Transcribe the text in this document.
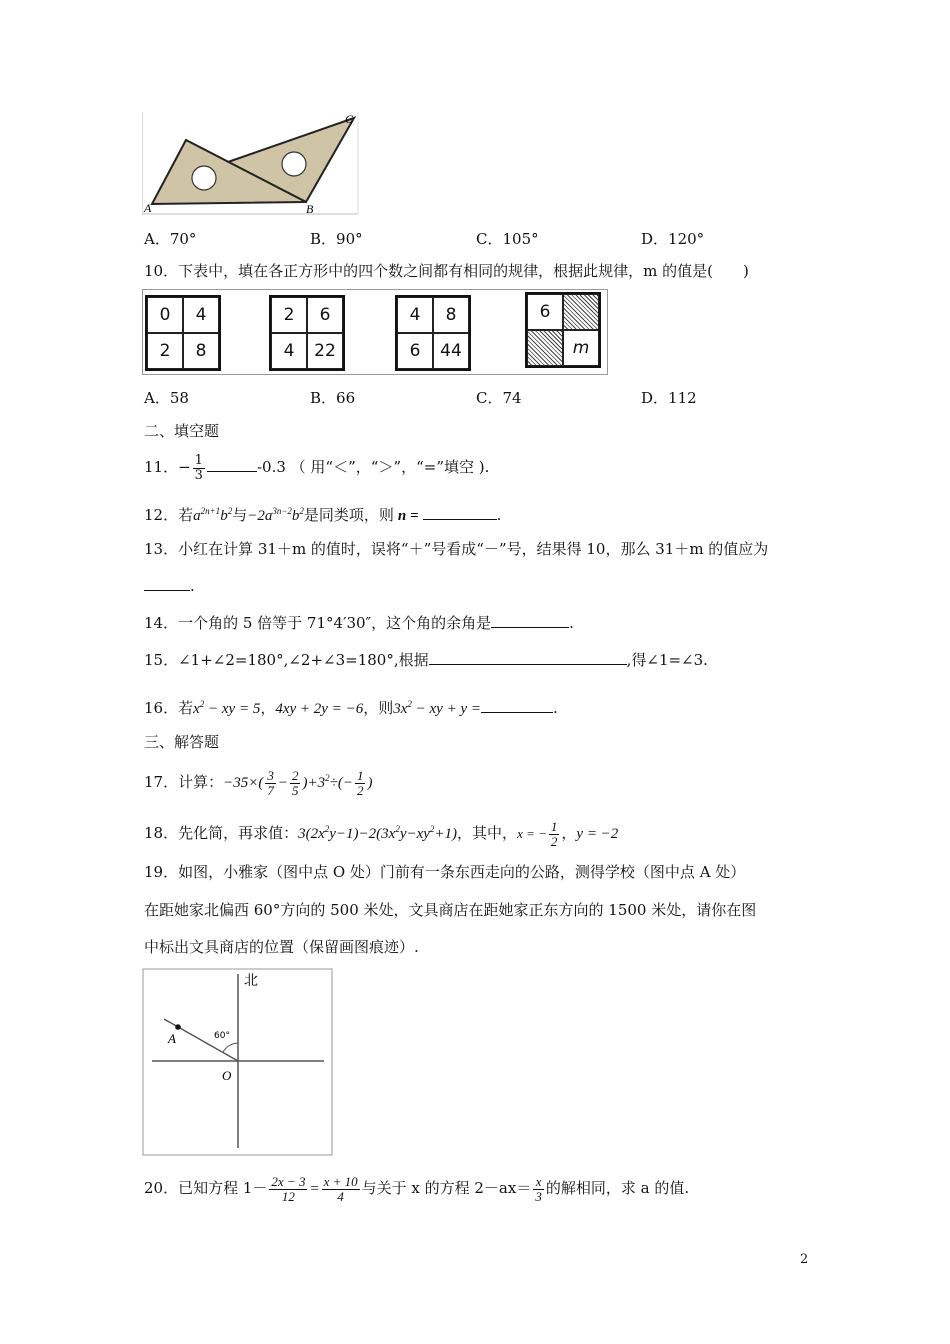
A	B
C
A．70°	B．90°	C．105°	D．120°
10．下表中，填在各正方形中的四个数之间都有相同的规律，根据此规律，m 的值是(　　)
0	4
2	8
2	6
4	22
4	8
6	44
6
m
A．58	B．66	C．74	D．112
二、填空题
11．− $\frac{1}{3}$	-0.3 （ 用“＜”，“＞”，“=”填空 ).
12．若$a^{2n+1}b^2$与$-2a^{3n-2}b^2$是同类项，则 n =	.
13．小红在计算 31＋m 的值时，误将“＋”号看成“－”号，结果得 10，那么 31＋m 的值应为
.
14．一个角的 5 倍等于 71°4′30″，这个角的余角是	.
15．∠1+∠2=180°,∠2+∠3=180°,根据	,得∠1=∠3.
16．若$x^2$ − xy = 5，4xy + 2y = −6，则$3x^2$ − xy + y =	.
三、解答题
17．计算：$-35\times( \frac{3}{7} - \frac{2}{5} )+3^2\div(- \frac{1}{2}$ )
18．先化简，再求值：$3(2x^2y-1)-2(3x^2y-xy^2+1)$，其中，x = − $\frac{1}{2}$ ，y = −2
19．如图，小雅家（图中点 O 处）门前有一条东西走向的公路，测得学校（图中点 A 处）
在距她家北偏西 60°方向的 500 米处，文具商店在距她家正东方向的 1500 米处，请你在图
中标出文具商店的位置（保留画图痕迹）.
北
A
O
60°
20．已知方程 $1- \frac{2x - 3}{12} = \frac{x + 10}{4}$ 与关于 x 的方程 $2-ax= \frac{x}{3}$ 的解相同，求 a 的值.
2
